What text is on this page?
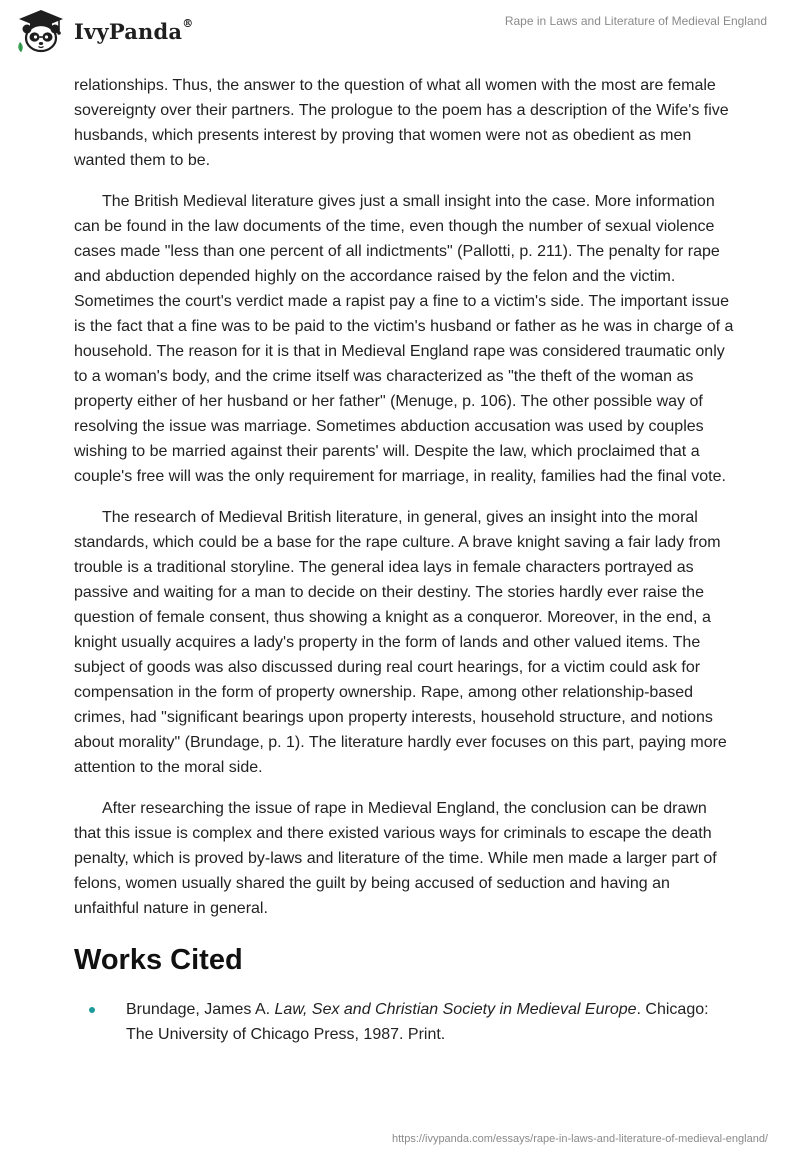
IvyPanda®	Rape in Laws and Literature of Medieval England

relationships. Thus, the answer to the question of what all women with the most are female sovereignty over their partners. The prologue to the poem has a description of the Wife's five husbands, which presents interest by proving that women were not as obedient as men wanted them to be.

The British Medieval literature gives just a small insight into the case. More information can be found in the law documents of the time, even though the number of sexual violence cases made "less than one percent of all indictments" (Pallotti, p. 211). The penalty for rape and abduction depended highly on the accordance raised by the felon and the victim. Sometimes the court's verdict made a rapist pay a fine to a victim's side. The important issue is the fact that a fine was to be paid to the victim's husband or father as he was in charge of a household. The reason for it is that in Medieval England rape was considered traumatic only to a woman's body, and the crime itself was characterized as "the theft of the woman as property either of her husband or her father" (Menuge, p. 106). The other possible way of resolving the issue was marriage. Sometimes abduction accusation was used by couples wishing to be married against their parents' will. Despite the law, which proclaimed that a couple's free will was the only requirement for marriage, in reality, families had the final vote.

The research of Medieval British literature, in general, gives an insight into the moral standards, which could be a base for the rape culture. A brave knight saving a fair lady from trouble is a traditional storyline. The general idea lays in female characters portrayed as passive and waiting for a man to decide on their destiny. The stories hardly ever raise the question of female consent, thus showing a knight as a conqueror. Moreover, in the end, a knight usually acquires a lady's property in the form of lands and other valued items. The subject of goods was also discussed during real court hearings, for a victim could ask for compensation in the form of property ownership. Rape, among other relationship-based crimes, had "significant bearings upon property interests, household structure, and notions about morality" (Brundage, p. 1). The literature hardly ever focuses on this part, paying more attention to the moral side.

After researching the issue of rape in Medieval England, the conclusion can be drawn that this issue is complex and there existed various ways for criminals to escape the death penalty, which is proved by-laws and literature of the time. While men made a larger part of felons, women usually shared the guilt by being accused of seduction and having an unfaithful nature in general.

Works Cited
Brundage, James A. Law, Sex and Christian Society in Medieval Europe. Chicago: The University of Chicago Press, 1987. Print.
https://ivypanda.com/essays/rape-in-laws-and-literature-of-medieval-england/
